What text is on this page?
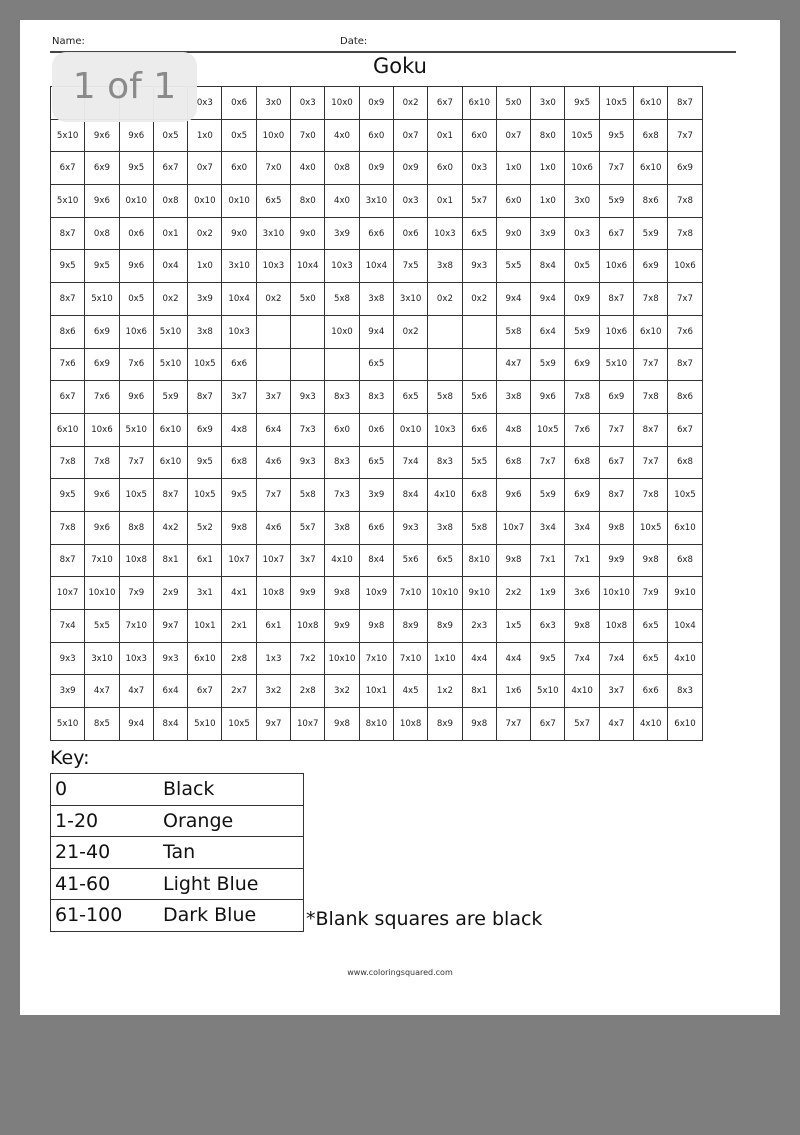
Name:	Date:
Goku
				0x3	0x6	3x0	0x3	10x0	0x9	0x2	6x7	6x10	5x0	3x0	9x5	10x5	6x10	8x7
5x10	9x6	9x6	0x5	1x0	0x5	10x0	7x0	4x0	6x0	0x7	0x1	6x0	0x7	8x0	10x5	9x5	6x8	7x7
6x7	6x9	9x5	6x7	0x7	6x0	7x0	4x0	0x8	0x9	0x9	6x0	0x3	1x0	1x0	10x6	7x7	6x10	6x9
5x10	9x6	0x10	0x8	0x10	0x10	6x5	8x0	4x0	3x10	0x3	0x1	5x7	6x0	1x0	3x0	5x9	8x6	7x8
8x7	0x8	0x6	0x1	0x2	9x0	3x10	9x0	3x9	6x6	0x6	10x3	6x5	9x0	3x9	0x3	6x7	5x9	7x8
9x5	9x5	9x6	0x4	1x0	3x10	10x3	10x4	10x3	10x4	7x5	3x8	9x3	5x5	8x4	0x5	10x6	6x9	10x6
8x7	5x10	0x5	0x2	3x9	10x4	0x2	5x0	5x8	3x8	3x10	0x2	0x2	9x4	9x4	0x9	8x7	7x8	7x7
8x6	6x9	10x6	5x10	3x8	10x3			10x0	9x4	0x2			5x8	6x4	5x9	10x6	6x10	7x6
7x6	6x9	7x6	5x10	10x5	6x6				6x5				4x7	5x9	6x9	5x10	7x7	8x7
6x7	7x6	9x6	5x9	8x7	3x7	3x7	9x3	8x3	8x3	6x5	5x8	5x6	3x8	9x6	7x8	6x9	7x8	8x6
6x10	10x6	5x10	6x10	6x9	4x8	6x4	7x3	6x0	0x6	0x10	10x3	6x6	4x8	10x5	7x6	7x7	8x7	6x7
7x8	7x8	7x7	6x10	9x5	6x8	4x6	9x3	8x3	6x5	7x4	8x3	5x5	6x8	7x7	6x8	6x7	7x7	6x8
9x5	9x6	10x5	8x7	10x5	9x5	7x7	5x8	7x3	3x9	8x4	4x10	6x8	9x6	5x9	6x9	8x7	7x8	10x5
7x8	9x6	8x8	4x2	5x2	9x8	4x6	5x7	3x8	6x6	9x3	3x8	5x8	10x7	3x4	3x4	9x8	10x5	6x10
8x7	7x10	10x8	8x1	6x1	10x7	10x7	3x7	4x10	8x4	5x6	6x5	8x10	9x8	7x1	7x1	9x9	9x8	6x8
10x7	10x10	7x9	2x9	3x1	4x1	10x8	9x9	9x8	10x9	7x10	10x10	9x10	2x2	1x9	3x6	10x10	7x9	9x10
7x4	5x5	7x10	9x7	10x1	2x1	6x1	10x8	9x9	9x8	8x9	8x9	2x3	1x5	6x3	9x8	10x8	6x5	10x4
9x3	3x10	10x3	9x3	6x10	2x8	1x3	7x2	10x10	7x10	7x10	1x10	4x4	4x4	9x5	7x4	7x4	6x5	4x10
3x9	4x7	4x7	6x4	6x7	2x7	3x2	2x8	3x2	10x1	4x5	1x2	8x1	1x6	5x10	4x10	3x7	6x6	8x3
5x10	8x5	9x4	8x4	5x10	10x5	9x7	10x7	9x8	8x10	10x8	8x9	9x8	7x7	6x7	5x7	4x7	4x10	6x10
1 of 1
Key:
0	Black
1-20	Orange
21-40	Tan
41-60	Light Blue
61-100	Dark Blue	*Blank squares are black
www.coloringsquared.com
